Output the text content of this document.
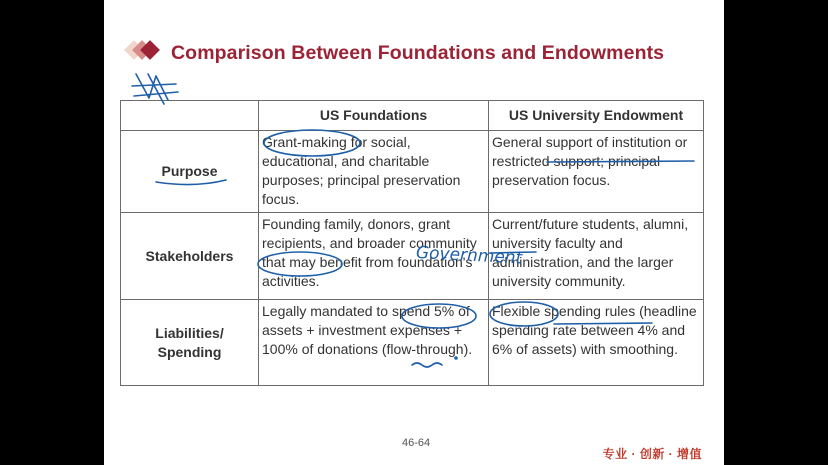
Comparison Between Foundations and Endowments
	US Foundations	US University Endowment
Purpose	Grant-making for social, educational, and charitable purposes; principal preservation focus.	General support of institution or restricted support; principal preservation focus.
Stakeholders	Founding family, donors, grant recipients, and broader community that may benefit from foundation's activities.	Current/future students, alumni, university faculty and administration, and the larger university community.
Liabilities/ Spending	Legally mandated to spend 5% of assets + investment expenses + 100% of donations (flow-through).	Flexible spending rules (headline spending rate between 4% and 6% of assets) with smoothing.
Government
46-64
专业 · 创新 · 增值
